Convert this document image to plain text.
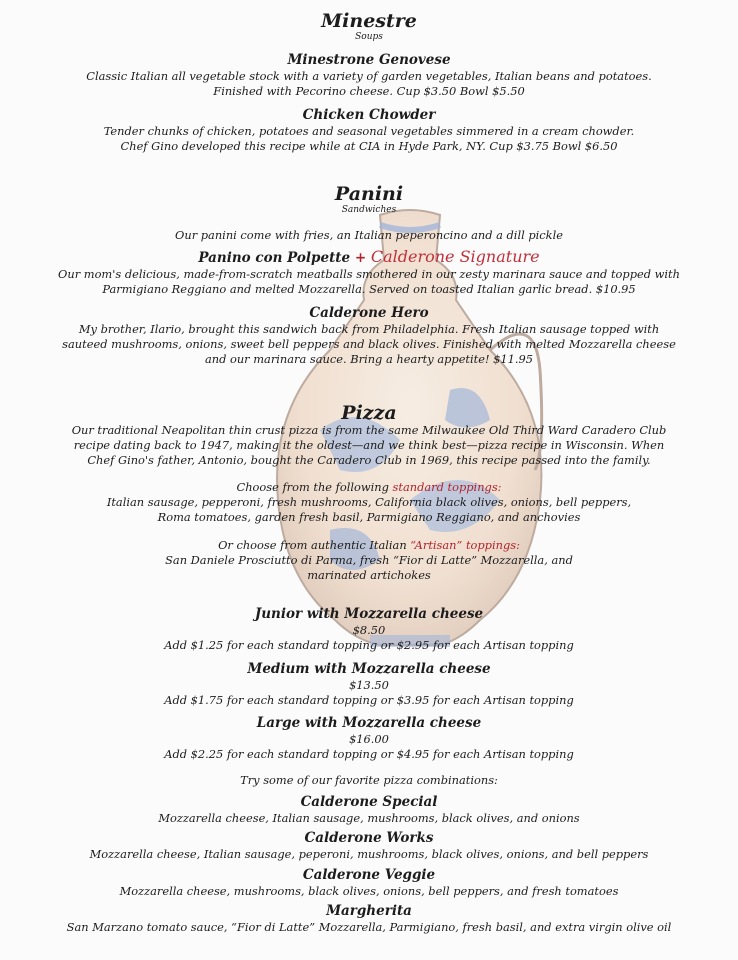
Minestre

Soups

Minestrone Genovese

Classic Italian all vegetable stock with a variety of garden vegetables, Italian beans and potatoes.

Finished with Pecorino cheese. Cup $3.50 Bowl $5.50

Chicken Chowder

Tender chunks of chicken, potatoes and seasonal vegetables simmered in a cream chowder.

Chef Gino developed this recipe while at CIA in Hyde Park, NY. Cup $3.75 Bowl $6.50

Panini

Sandwiches

Our panini come with fries, an Italian peperoncino and a dill pickle

Panino con Polpette + Calderone Signature

Our mom's delicious, made-from-scratch meatballs smothered in our zesty marinara sauce and topped with

Parmigiano Reggiano and melted Mozzarella. Served on toasted Italian garlic bread. $10.95

Calderone Hero

My brother, Ilario, brought this sandwich back from Philadelphia. Fresh Italian sausage topped with

sauteed mushrooms, onions, sweet bell peppers and black olives. Finished with melted Mozzarella cheese

and our marinara sauce. Bring a hearty appetite! $11.95

Pizza

Our traditional Neapolitan thin crust pizza is from the same Milwaukee Old Third Ward Caradero Club

recipe dating back to 1947, making it the oldest—and we think best—pizza recipe in Wisconsin. When

Chef Gino's father, Antonio, bought the Caradero Club in 1969, this recipe passed into the family.

Choose from the following standard toppings:

Italian sausage, pepperoni, fresh mushrooms, California black olives, onions, bell peppers,

Roma tomatoes, garden fresh basil, Parmigiano Reggiano, and anchovies

Or choose from authentic Italian “Artisan” toppings:

San Daniele Prosciutto di Parma, fresh “Fior di Latte” Mozzarella, and

marinated artichokes

Junior with Mozzarella cheese

$8.50

Add $1.25 for each standard topping or $2.95 for each Artisan topping

Medium with Mozzarella cheese

$13.50

Add $1.75 for each standard topping or $3.95 for each Artisan topping

Large with Mozzarella cheese

$16.00

Add $2.25 for each standard topping or $4.95 for each Artisan topping

Try some of our favorite pizza combinations:

Calderone Special

Mozzarella cheese, Italian sausage, mushrooms, black olives, and onions

Calderone Works

Mozzarella cheese, Italian sausage, peperoni, mushrooms, black olives, onions, and bell peppers

Calderone Veggie

Mozzarella cheese, mushrooms, black olives, onions, bell peppers, and fresh tomatoes

Margherita

San Marzano tomato sauce, “Fior di Latte” Mozzarella, Parmigiano, fresh basil, and extra virgin olive oil
